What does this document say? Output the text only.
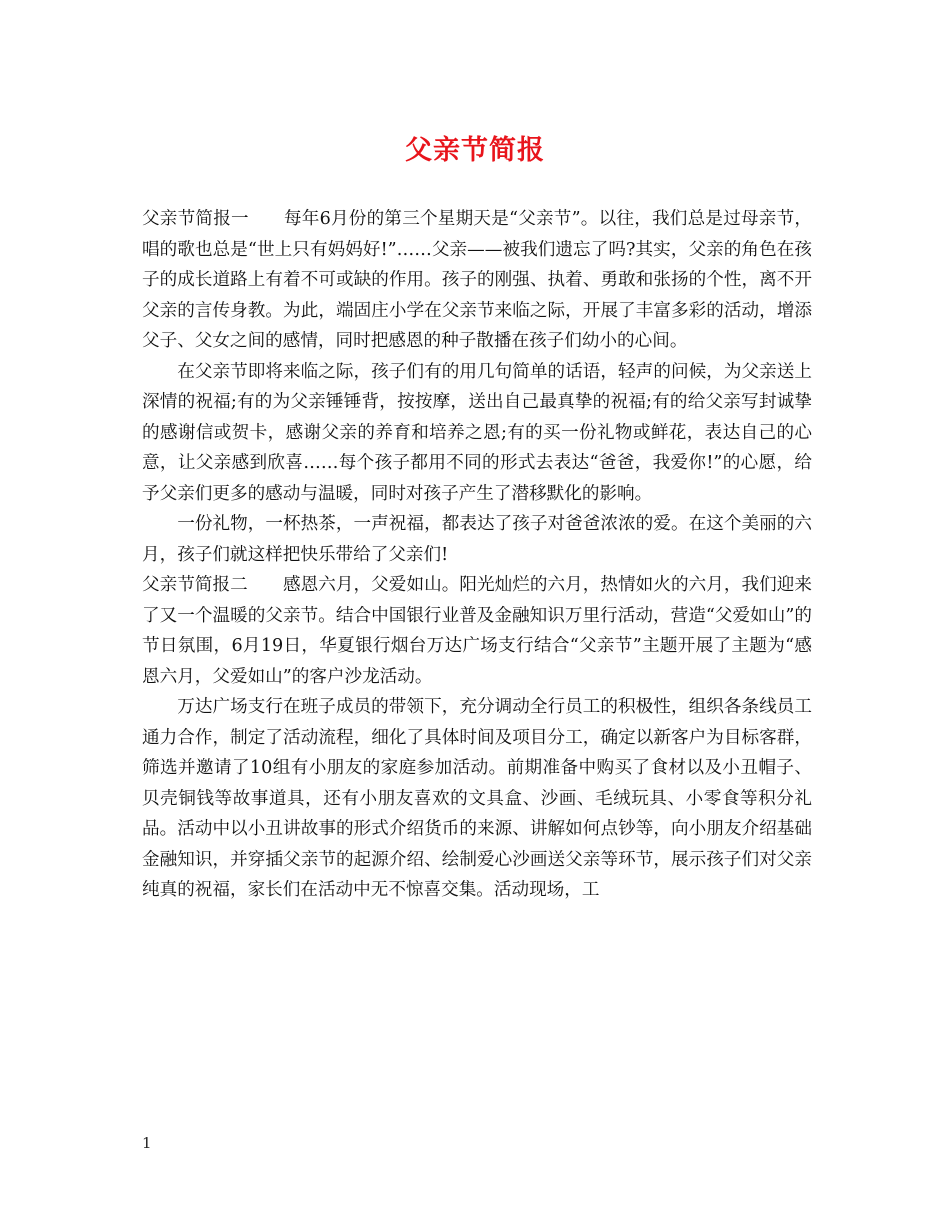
父亲节简报

父亲节简报一 每年6月份的第三个星期天是“父亲节”。以往，我们总是过母亲节，唱的歌也总是“世上只有妈妈好!”……父亲——被我们遗忘了吗?其实，父亲的角色在孩子的成长道路上有着不可或缺的作用。孩子的刚强、执着、勇敢和张扬的个性，离不开父亲的言传身教。为此，端固庄小学在父亲节来临之际，开展了丰富多彩的活动，增添父子、父女之间的感情，同时把感恩的种子散播在孩子们幼小的心间。

在父亲节即将来临之际，孩子们有的用几句简单的话语，轻声的问候，为父亲送上深情的祝福;有的为父亲锤锤背，按按摩，送出自己最真挚的祝福;有的给父亲写封诚挚的感谢信或贺卡，感谢父亲的养育和培养之恩;有的买一份礼物或鲜花，表达自己的心意，让父亲感到欣喜……每个孩子都用不同的形式去表达“爸爸，我爱你!”的心愿，给予父亲们更多的感动与温暖，同时对孩子产生了潜移默化的影响。

一份礼物，一杯热茶，一声祝福，都表达了孩子对爸爸浓浓的爱。在这个美丽的六月，孩子们就这样把快乐带给了父亲们!

父亲节简报二 感恩六月，父爱如山。阳光灿烂的六月，热情如火的六月，我们迎来了又一个温暖的父亲节。结合中国银行业普及金融知识万里行活动，营造“父爱如山”的节日氛围，6月19日，华夏银行烟台万达广场支行结合“父亲节”主题开展了主题为“感恩六月，父爱如山”的客户沙龙活动。

万达广场支行在班子成员的带领下，充分调动全行员工的积极性，组织各条线员工通力合作，制定了活动流程，细化了具体时间及项目分工，确定以新客户为目标客群，筛选并邀请了10组有小朋友的家庭参加活动。前期准备中购买了食材以及小丑帽子、贝壳铜钱等故事道具，还有小朋友喜欢的文具盒、沙画、毛绒玩具、小零食等积分礼品。活动中以小丑讲故事的形式介绍货币的来源、讲解如何点钞等，向小朋友介绍基础金融知识，并穿插父亲节的起源介绍、绘制爱心沙画送父亲等环节，展示孩子们对父亲纯真的祝福，家长们在活动中无不惊喜交集。活动现场，工

1
